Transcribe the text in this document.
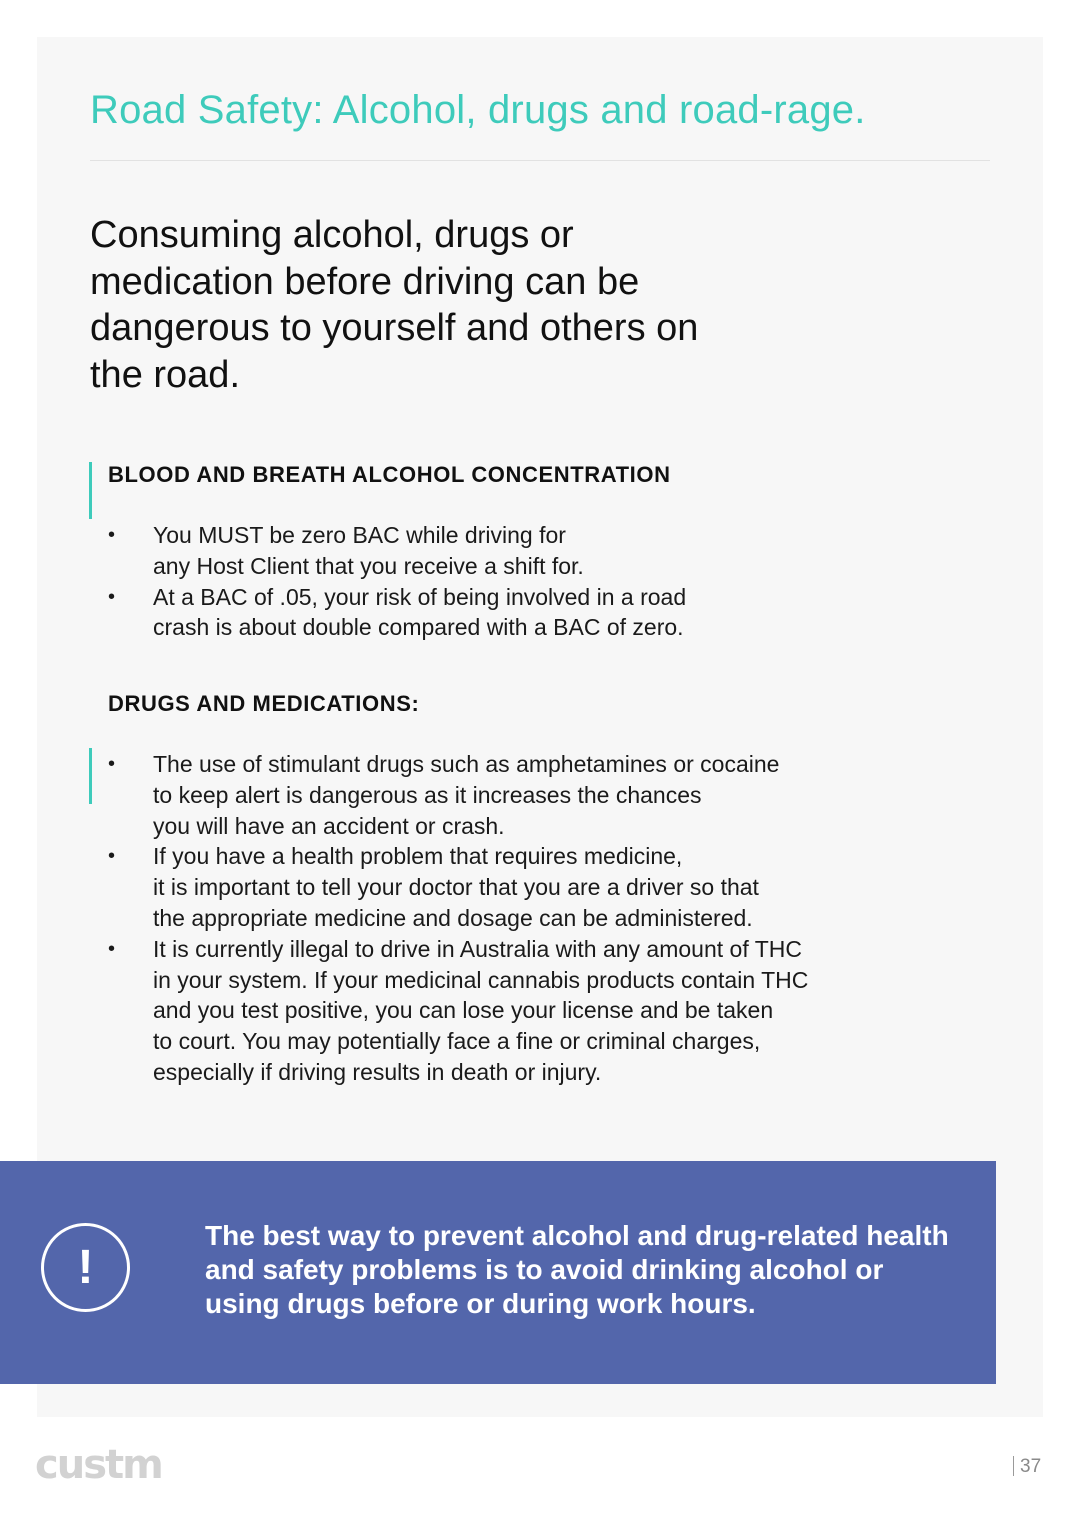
Road Safety: Alcohol, drugs and road-rage.

Consuming alcohol, drugs or medication before driving can be dangerous to yourself and others on the road.

BLOOD AND BREATH ALCOHOL CONCENTRATION
• You MUST be zero BAC while driving for
any Host Client that you receive a shift for.
• At a BAC of .05, your risk of being involved in a road
crash is about double compared with a BAC of zero.
DRUGS AND MEDICATIONS:
• The use of stimulant drugs such as amphetamines or cocaine
to keep alert is dangerous as it increases the chances
you will have an accident or crash.
• If you have a health problem that requires medicine,
it is important to tell your doctor that you are a driver so that
the appropriate medicine and dosage can be administered.
• It is currently illegal to drive in Australia with any amount of THC
in your system. If your medicinal cannabis products contain THC
and you test positive, you can lose your license and be taken
to court. You may potentially face a fine or criminal charges,
especially if driving results in death or injury.
!

The best way to prevent alcohol and drug-related health and safety problems is to avoid drinking alcohol or using drugs before or during work hours.

custm	37
